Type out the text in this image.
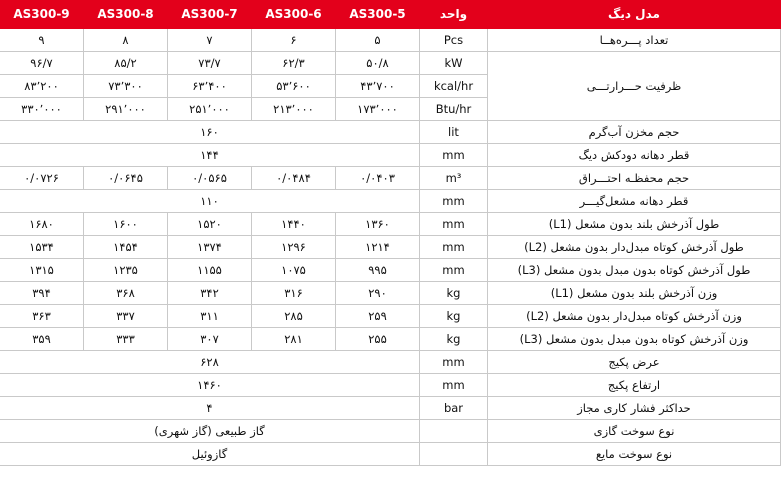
مدل دیگ	واحد	AS300-5	AS300-6	AS300-7	AS300-8	AS300-9
تعداد پـــره‌هــا	Pcs	۵	۶	۷	۸	۹
ظرفیت حـــرارتـــی	kW	۵۰/۸	۶۲/۳	۷۳/۷	۸۵/۲	۹۶/۷
	kcal/hr	۴۳٬۷۰۰	۵۳٬۶۰۰	۶۳٬۴۰۰	۷۳٬۳۰۰	۸۳٬۲۰۰
	Btu/hr	۱۷۳٬۰۰۰	۲۱۳٬۰۰۰	۲۵۱٬۰۰۰	۲۹۱٬۰۰۰	۳۳۰٬۰۰۰
حجم مخزن آب‌گرم	lit	۱۶۰				
قطر دهانه دودکش دیگ	mm	۱۴۴				
حجم محفظـه احتـــراق	m³	۰/۰۴۰۳	۰/۰۴۸۴	۰/۰۵۶۵	۰/۰۶۴۵	۰/۰۷۲۶
قطر دهانه مشعل‌گیـــر	mm	۱۱۰				
طول آذرخش بلند بدون مشعل (L1)	mm	۱۳۶۰	۱۴۴۰	۱۵۲۰	۱۶۰۰	۱۶۸۰
طول آذرخش کوتاه مبدل‌دار بدون مشعل (L2)	mm	۱۲۱۴	۱۲۹۶	۱۳۷۴	۱۴۵۴	۱۵۳۴
طول آذرخش کوتاه بدون مبدل بدون مشعل (L3)	mm	۹۹۵	۱۰۷۵	۱۱۵۵	۱۲۳۵	۱۳۱۵
وزن آذرخش بلند بدون مشعل (L1)	kg	۲۹۰	۳۱۶	۳۴۲	۳۶۸	۳۹۴
وزن آذرخش کوتاه مبدل‌دار بدون مشعل (L2)	kg	۲۵۹	۲۸۵	۳۱۱	۳۳۷	۳۶۳
وزن آذرخش کوتاه بدون مبدل بدون مشعل (L3)	kg	۲۵۵	۲۸۱	۳۰۷	۳۳۳	۳۵۹
عرض پکیج	mm	۶۲۸				
ارتفاع پکیج	mm	۱۴۶۰				
حداکثر فشار کاری مجاز	bar	۴				
نوع سوخت گازی		گاز طبیعی (گاز شهری)				
نوع سوخت مایع		گازوئیل				
